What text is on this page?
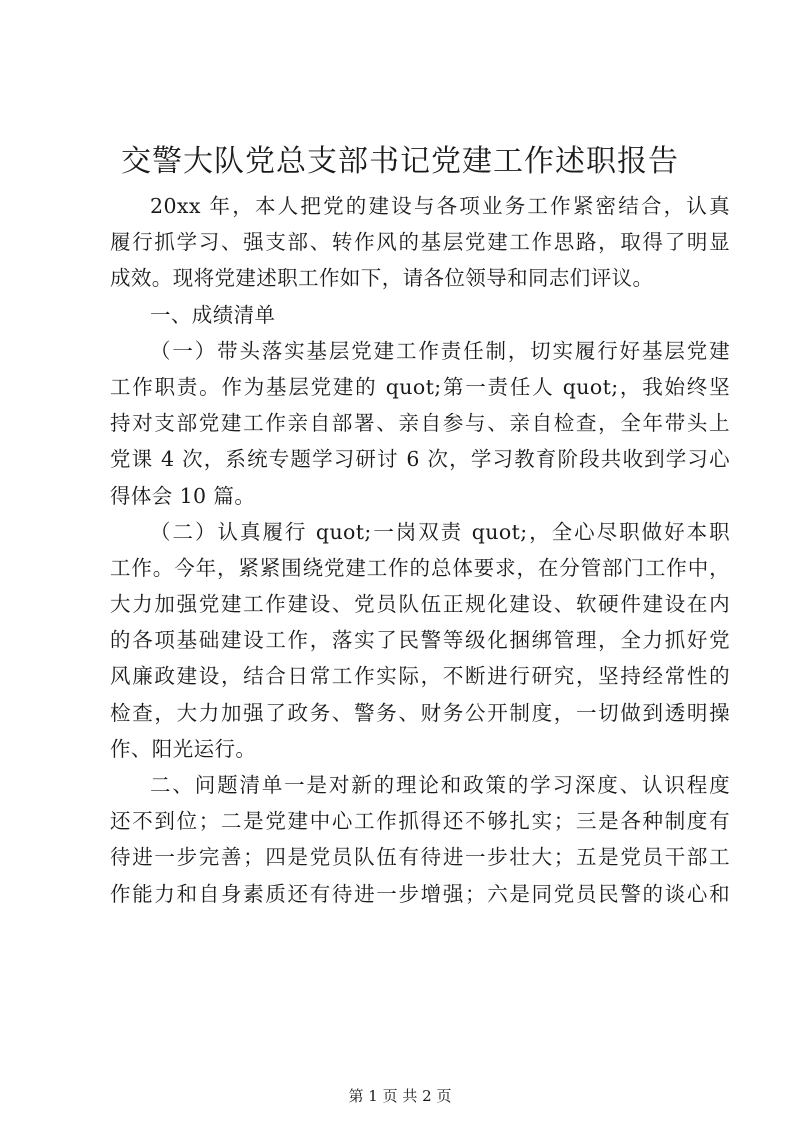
交警大队党总支部书记党建工作述职报告
20xx 年，本人把党的建设与各项业务工作紧密结合，认真
履行抓学习、强支部、转作风的基层党建工作思路，取得了明显
成效。现将党建述职工作如下，请各位领导和同志们评议。
一、成绩清单
（一）带头落实基层党建工作责任制，切实履行好基层党建
工作职责。作为基层党建的 quot;第一责任人 quot;，我始终坚
持对支部党建工作亲自部署、亲自参与、亲自检查，全年带头上
党课 4 次，系统专题学习研讨 6 次，学习教育阶段共收到学习心
得体会 10 篇。
（二）认真履行 quot;一岗双责 quot;，全心尽职做好本职
工作。今年，紧紧围绕党建工作的总体要求，在分管部门工作中，
大力加强党建工作建设、党员队伍正规化建设、软硬件建设在内
的各项基础建设工作，落实了民警等级化捆绑管理，全力抓好党
风廉政建设，结合日常工作实际，不断进行研究，坚持经常性的
检查，大力加强了政务、警务、财务公开制度，一切做到透明操
作、阳光运行。
二、问题清单一是对新的理论和政策的学习深度、认识程度
还不到位；二是党建中心工作抓得还不够扎实；三是各种制度有
待进一步完善；四是党员队伍有待进一步壮大；五是党员干部工
作能力和自身素质还有待进一步增强；六是同党员民警的谈心和
第 1 页 共 2 页
